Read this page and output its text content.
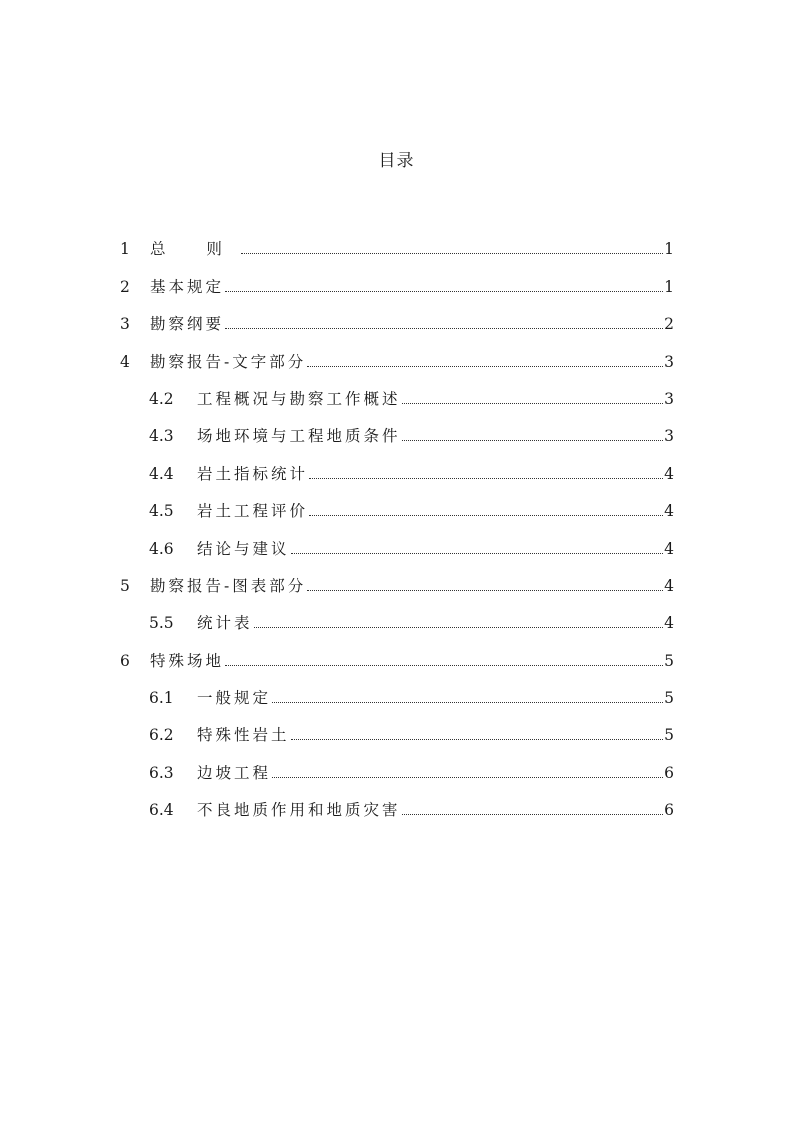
目录
1	总 则	1
2	基本规定	1
3	勘察纲要	2
4	勘察报告-文字部分	3
4.2	工程概况与勘察工作概述	3
4.3	场地环境与工程地质条件	3
4.4	岩土指标统计	4
4.5	岩土工程评价	4
4.6	结论与建议	4
5	勘察报告-图表部分	4
5.5	统计表	4
6	特殊场地	5
6.1	一般规定	5
6.2	特殊性岩土	5
6.3	边坡工程	6
6.4	不良地质作用和地质灾害	6
